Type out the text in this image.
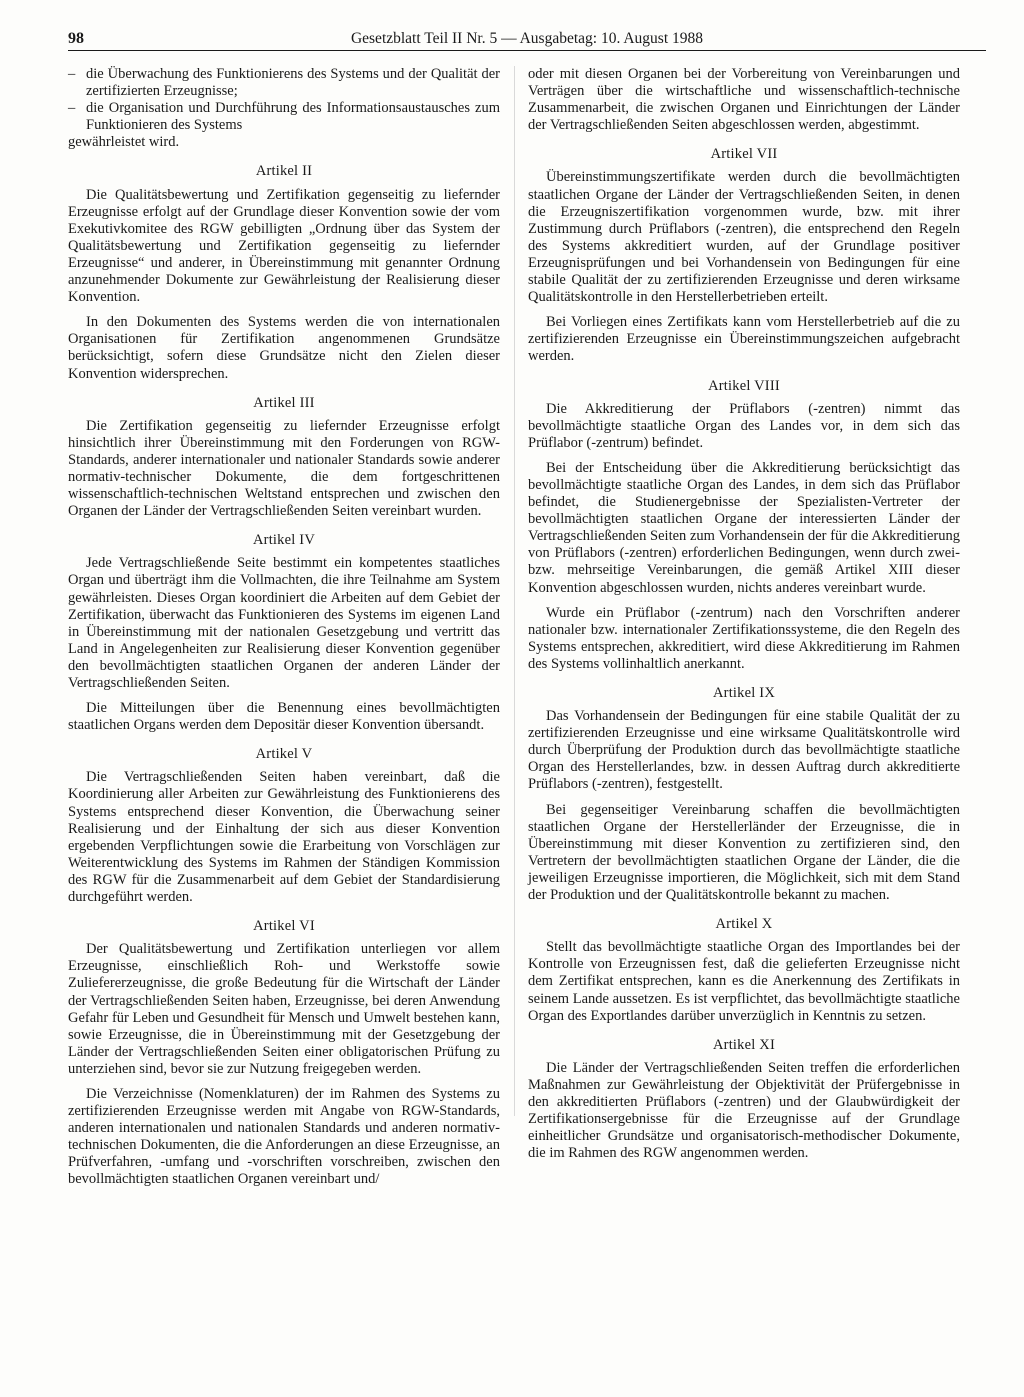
98	Gesetzblatt Teil II Nr. 5 — Ausgabetag: 10. August 1988

– die Überwachung des Funktionierens des Systems und der Qualität der zertifizierten Erzeugnisse;

– die Organisation und Durchführung des Informationsaustausches zum Funktionieren des Systems

gewährleistet wird.

Artikel II

Die Qualitätsbewertung und Zertifikation gegenseitig zu liefernder Erzeugnisse erfolgt auf der Grundlage dieser Konvention sowie der vom Exekutivkomitee des RGW gebilligten „Ordnung über das System der Qualitätsbewertung und Zertifikation gegenseitig zu liefernder Erzeugnisse“ und anderer, in Übereinstimmung mit genannter Ordnung anzunehmender Dokumente zur Gewährleistung der Realisierung dieser Konvention.

In den Dokumenten des Systems werden die von internationalen Organisationen für Zertifikation angenommenen Grundsätze berücksichtigt, sofern diese Grundsätze nicht den Zielen dieser Konvention widersprechen.

Artikel III

Die Zertifikation gegenseitig zu liefernder Erzeugnisse erfolgt hinsichtlich ihrer Übereinstimmung mit den Forderungen von RGW-Standards, anderer internationaler und nationaler Standards sowie anderer normativ-technischer Dokumente, die dem fortgeschrittenen wissenschaftlich-technischen Weltstand entsprechen und zwischen den Organen der Länder der Vertragschließenden Seiten vereinbart wurden.

Artikel IV

Jede Vertragschließende Seite bestimmt ein kompetentes staatliches Organ und überträgt ihm die Vollmachten, die ihre Teilnahme am System gewährleisten. Dieses Organ koordiniert die Arbeiten auf dem Gebiet der Zertifikation, überwacht das Funktionieren des Systems im eigenen Land in Übereinstimmung mit der nationalen Gesetzgebung und vertritt das Land in Angelegenheiten zur Realisierung dieser Konvention gegenüber den bevollmächtigten staatlichen Organen der anderen Länder der Vertragschließenden Seiten.

Die Mitteilungen über die Benennung eines bevollmächtigten staatlichen Organs werden dem Depositär dieser Konvention übersandt.

Artikel V

Die Vertragschließenden Seiten haben vereinbart, daß die Koordinierung aller Arbeiten zur Gewährleistung des Funktionierens des Systems entsprechend dieser Konvention, die Überwachung seiner Realisierung und der Einhaltung der sich aus dieser Konvention ergebenden Verpflichtungen sowie die Erarbeitung von Vorschlägen zur Weiterentwicklung des Systems im Rahmen der Ständigen Kommission des RGW für die Zusammenarbeit auf dem Gebiet der Standardisierung durchgeführt werden.

Artikel VI

Der Qualitätsbewertung und Zertifikation unterliegen vor allem Erzeugnisse, einschließlich Roh- und Werkstoffe sowie Zuliefererzeugnisse, die große Bedeutung für die Wirtschaft der Länder der Vertragschließenden Seiten haben, Erzeugnisse, bei deren Anwendung Gefahr für Leben und Gesundheit für Mensch und Umwelt bestehen kann, sowie Erzeugnisse, die in Übereinstimmung mit der Gesetzgebung der Länder der Vertragschließenden Seiten einer obligatorischen Prüfung zu unterziehen sind, bevor sie zur Nutzung freigegeben werden.

Die Verzeichnisse (Nomenklaturen) der im Rahmen des Systems zu zertifizierenden Erzeugnisse werden mit Angabe von RGW-Standards, anderen internationalen und nationalen Standards und anderen normativ-technischen Dokumenten, die die Anforderungen an diese Erzeugnisse, an Prüfverfahren, -umfang und -vorschriften vorschreiben, zwischen den bevollmächtigten staatlichen Organen vereinbart und/

oder mit diesen Organen bei der Vorbereitung von Vereinbarungen und Verträgen über die wirtschaftliche und wissenschaftlich-technische Zusammenarbeit, die zwischen Organen und Einrichtungen der Länder der Vertragschließenden Seiten abgeschlossen werden, abgestimmt.

Artikel VII

Übereinstimmungszertifikate werden durch die bevollmächtigten staatlichen Organe der Länder der Vertragschließenden Seiten, in denen die Erzeugniszertifikation vorgenommen wurde, bzw. mit ihrer Zustimmung durch Prüflabors (-zentren), die entsprechend den Regeln des Systems akkreditiert wurden, auf der Grundlage positiver Erzeugnisprüfungen und bei Vorhandensein von Bedingungen für eine stabile Qualität der zu zertifizierenden Erzeugnisse und deren wirksame Qualitätskontrolle in den Herstellerbetrieben erteilt.

Bei Vorliegen eines Zertifikats kann vom Herstellerbetrieb auf die zu zertifizierenden Erzeugnisse ein Übereinstimmungszeichen aufgebracht werden.

Artikel VIII

Die Akkreditierung der Prüflabors (-zentren) nimmt das bevollmächtigte staatliche Organ des Landes vor, in dem sich das Prüflabor (-zentrum) befindet.

Bei der Entscheidung über die Akkreditierung berücksichtigt das bevollmächtigte staatliche Organ des Landes, in dem sich das Prüflabor befindet, die Studienergebnisse der Spezialisten-Vertreter der bevollmächtigten staatlichen Organe der interessierten Länder der Vertragschließenden Seiten zum Vorhandensein der für die Akkreditierung von Prüflabors (-zentren) erforderlichen Bedingungen, wenn durch zwei- bzw. mehrseitige Vereinbarungen, die gemäß Artikel XIII dieser Konvention abgeschlossen wurden, nichts anderes vereinbart wurde.

Wurde ein Prüflabor (-zentrum) nach den Vorschriften anderer nationaler bzw. internationaler Zertifikationssysteme, die den Regeln des Systems entsprechen, akkreditiert, wird diese Akkreditierung im Rahmen des Systems vollinhaltlich anerkannt.

Artikel IX

Das Vorhandensein der Bedingungen für eine stabile Qualität der zu zertifizierenden Erzeugnisse und eine wirksame Qualitätskontrolle wird durch Überprüfung der Produktion durch das bevollmächtigte staatliche Organ des Herstellerlandes, bzw. in dessen Auftrag durch akkreditierte Prüflabors (-zentren), festgestellt.

Bei gegenseitiger Vereinbarung schaffen die bevollmächtigten staatlichen Organe der Herstellerländer der Erzeugnisse, die in Übereinstimmung mit dieser Konvention zu zertifizieren sind, den Vertretern der bevollmächtigten staatlichen Organe der Länder, die die jeweiligen Erzeugnisse importieren, die Möglichkeit, sich mit dem Stand der Produktion und der Qualitätskontrolle bekannt zu machen.

Artikel X

Stellt das bevollmächtigte staatliche Organ des Importlandes bei der Kontrolle von Erzeugnissen fest, daß die gelieferten Erzeugnisse nicht dem Zertifikat entsprechen, kann es die Anerkennung des Zertifikats in seinem Lande aussetzen. Es ist verpflichtet, das bevollmächtigte staatliche Organ des Exportlandes darüber unverzüglich in Kenntnis zu setzen.

Artikel XI

Die Länder der Vertragschließenden Seiten treffen die erforderlichen Maßnahmen zur Gewährleistung der Objektivität der Prüfergebnisse in den akkreditierten Prüflabors (-zentren) und der Glaubwürdigkeit der Zertifikationsergebnisse für die Erzeugnisse auf der Grundlage einheitlicher Grundsätze und organisatorisch-methodischer Dokumente, die im Rahmen des RGW angenommen werden.
